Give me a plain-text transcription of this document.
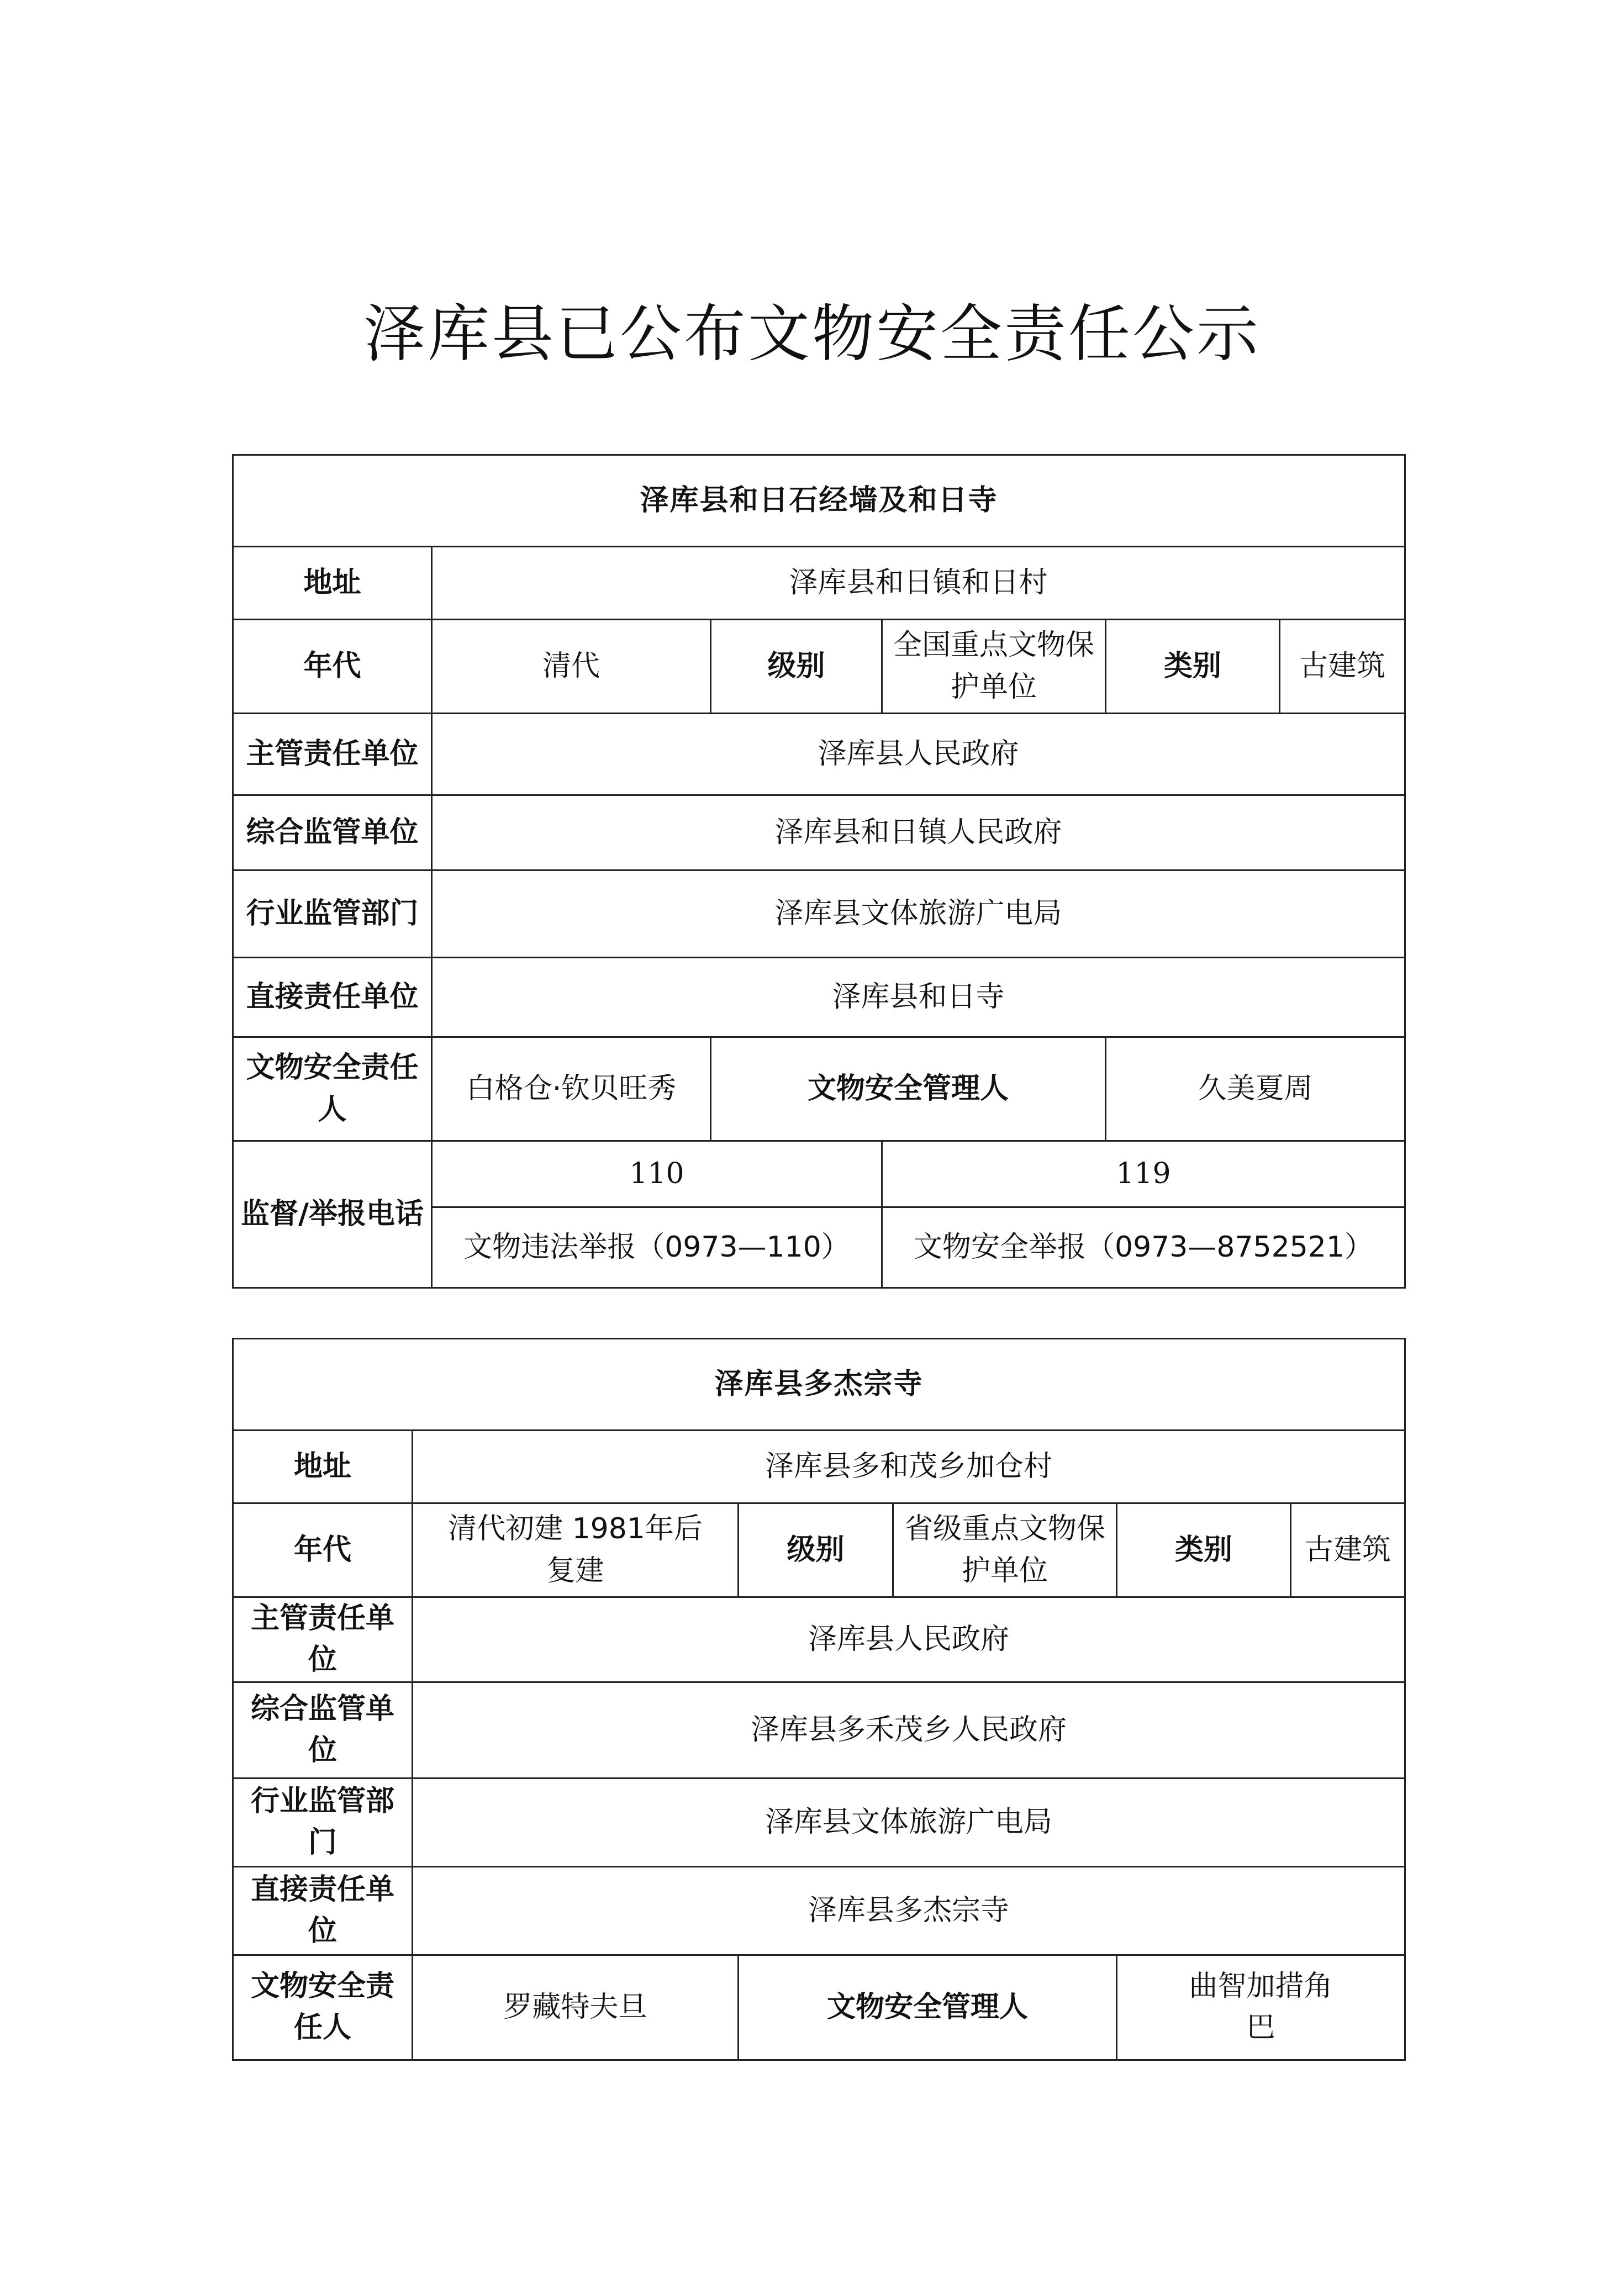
泽库县已公布文物安全责任公示
泽库县和日石经墙及和日寺					
地址	泽库县和日镇和日村				
年代	清代	级别	全国重点文物保护单位	类别	古建筑
主管责任单位	泽库县人民政府				
综合监管单位	泽库县和日镇人民政府				
行业监管部门	泽库县文体旅游广电局				
直接责任单位	泽库县和日寺				
文物安全责任人	白格仓·钦贝旺秀	文物安全管理人		久美夏周	
监督/举报电话	110		119		
	文物违法举报（0973—110）		文物安全举报（0973—8752521）		
泽库县多杰宗寺					
地址	泽库县多和茂乡加仓村				
年代	清代初建 1981年后复建	级别	省级重点文物保护单位	类别	古建筑
主管责任单位	泽库县人民政府				
综合监管单位	泽库县多禾茂乡人民政府				
行业监管部门	泽库县文体旅游广电局				
直接责任单位	泽库县多杰宗寺				
文物安全责任人	罗藏特夫旦	文物安全管理人		曲智加措角巴	
